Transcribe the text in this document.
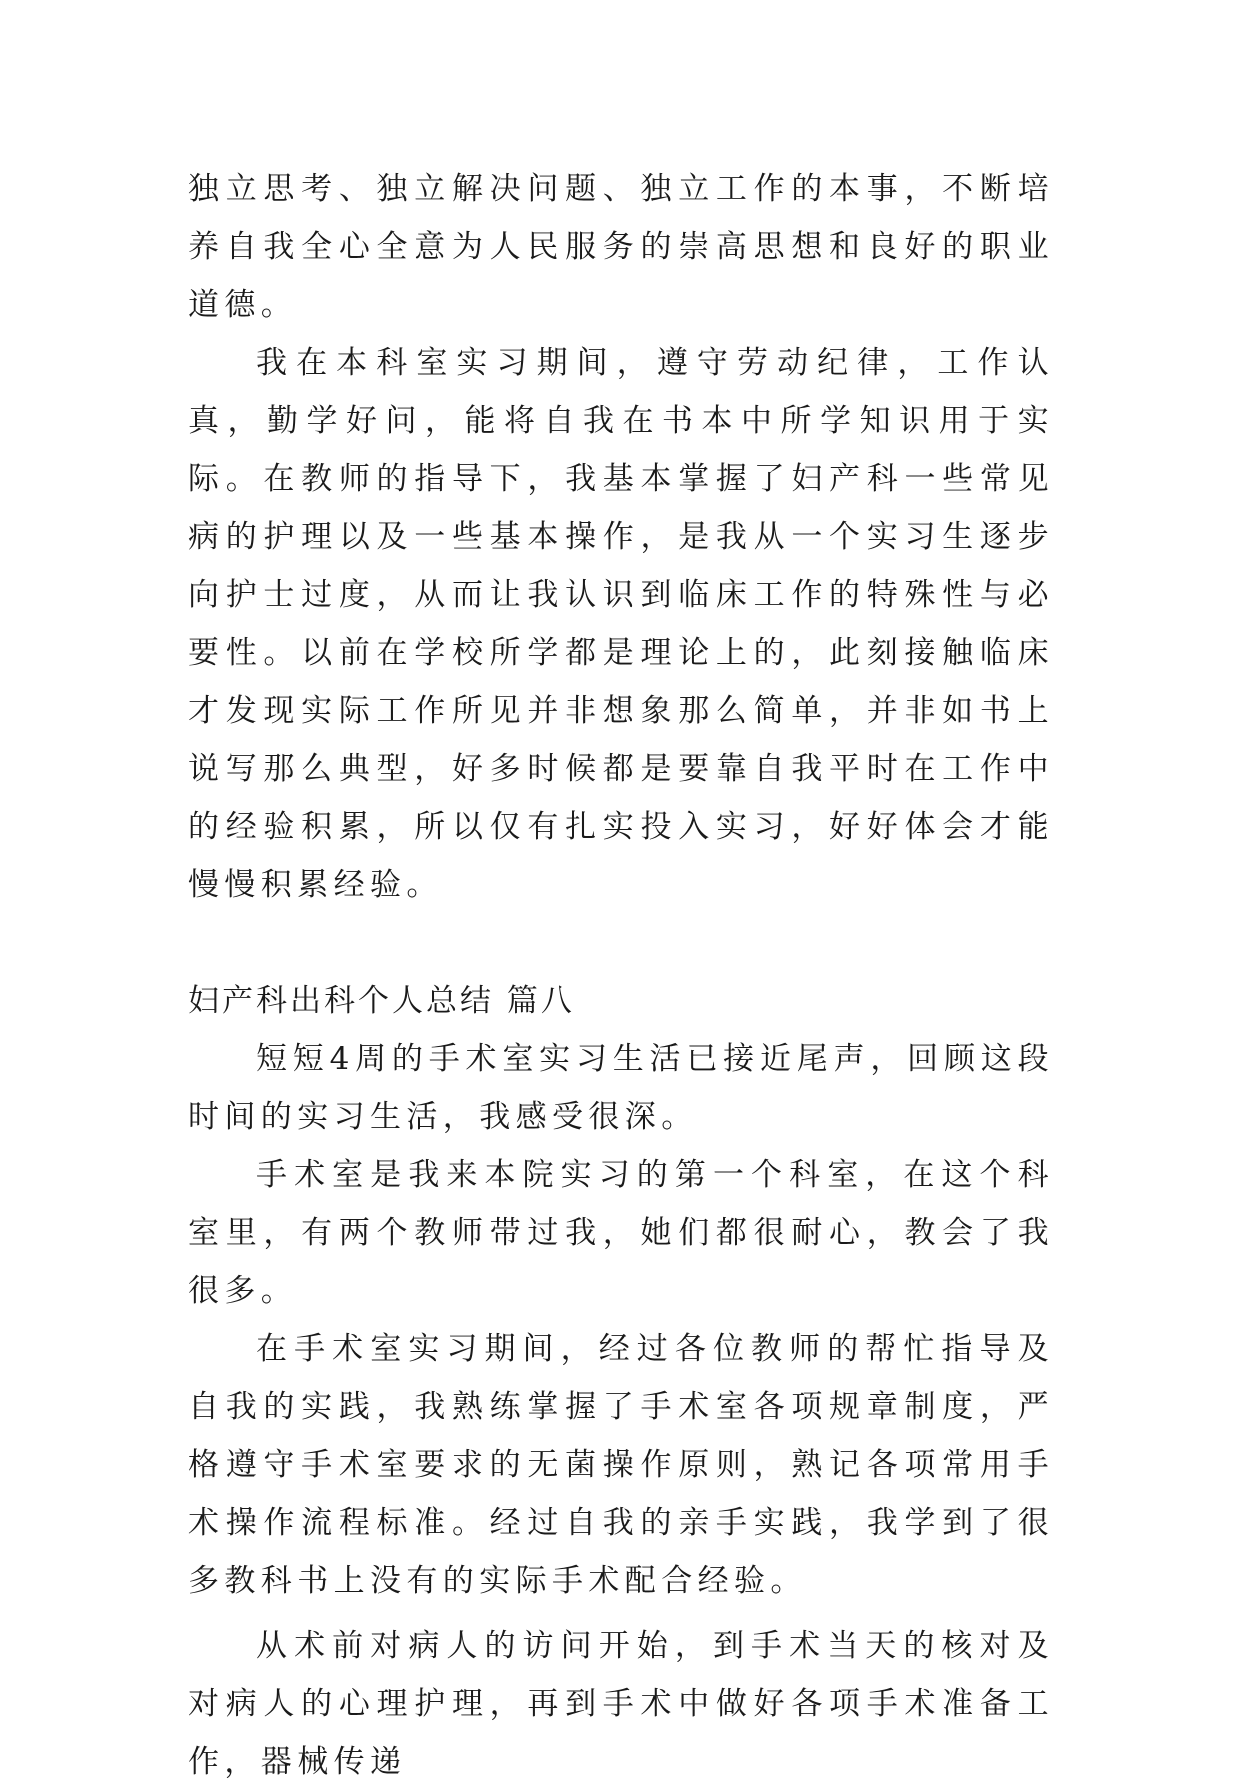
独立思考、独立解决问题、独立工作的本事，不断培养自我全心全意为人民服务的崇高思想和良好的职业道德。

我在本科室实习期间，遵守劳动纪律，工作认真，勤学好问，能将自我在书本中所学知识用于实际。在教师的指导下，我基本掌握了妇产科一些常见病的护理以及一些基本操作，是我从一个实习生逐步向护士过度，从而让我认识到临床工作的特殊性与必要性。以前在学校所学都是理论上的，此刻接触临床才发现实际工作所见并非想象那么简单，并非如书上说写那么典型，好多时候都是要靠自我平时在工作中的经验积累，所以仅有扎实投入实习，好好体会才能慢慢积累经验。

妇产科出科个人总结 篇八

短短4周的手术室实习生活已接近尾声，回顾这段时间的实习生活，我感受很深。

手术室是我来本院实习的第一个科室，在这个科室里，有两个教师带过我，她们都很耐心，教会了我很多。

在手术室实习期间，经过各位教师的帮忙指导及自我的实践，我熟练掌握了手术室各项规章制度，严格遵守手术室要求的无菌操作原则，熟记各项常用手术操作流程标准。经过自我的亲手实践，我学到了很多教科书上没有的实际手术配合经验。

从术前对病人的访问开始，到手术当天的核对及对病人的心理护理，再到手术中做好各项手术准备工作，器械传递
